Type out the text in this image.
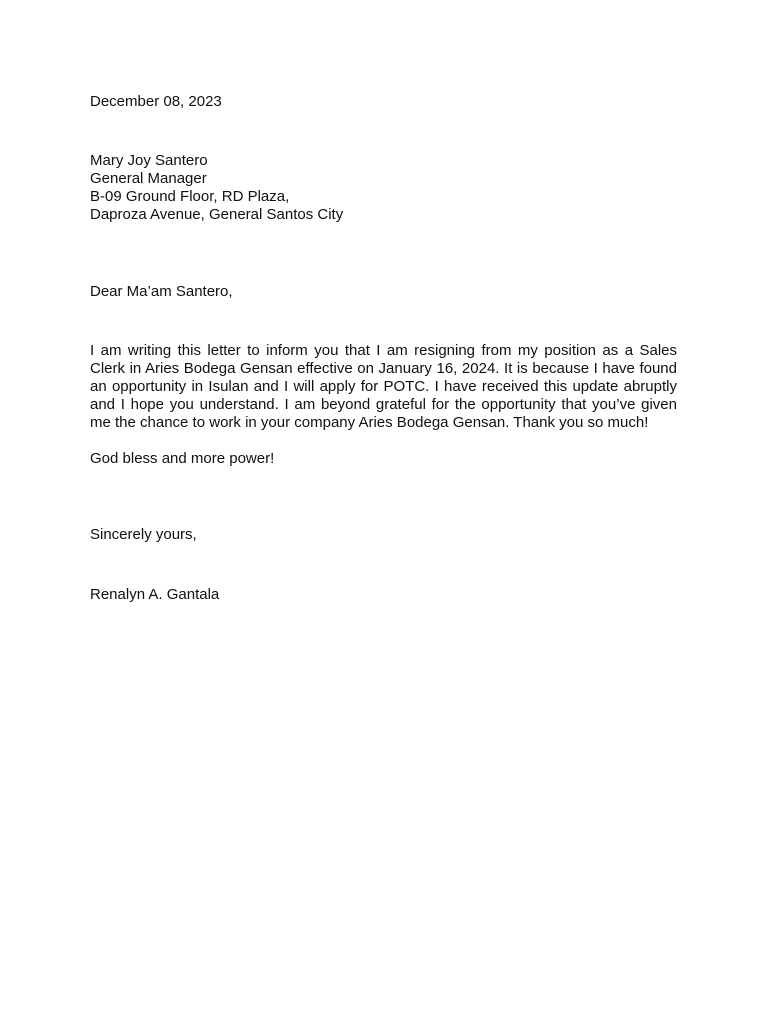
December 08, 2023
Mary Joy Santero
General Manager
B-09 Ground Floor, RD Plaza,
Daproza Avenue, General Santos City
Dear Ma’am Santero,
I am writing this letter to inform you that I am resigning from my position as a Sales Clerk in Aries Bodega Gensan effective on January 16, 2024. It is because I have found an opportunity in Isulan and I will apply for POTC. I have received this update abruptly and I hope you understand. I am beyond grateful for the opportunity that you’ve given me the chance to work in your company Aries Bodega Gensan. Thank you so much!
God bless and more power!
Sincerely yours,
Renalyn A. Gantala
